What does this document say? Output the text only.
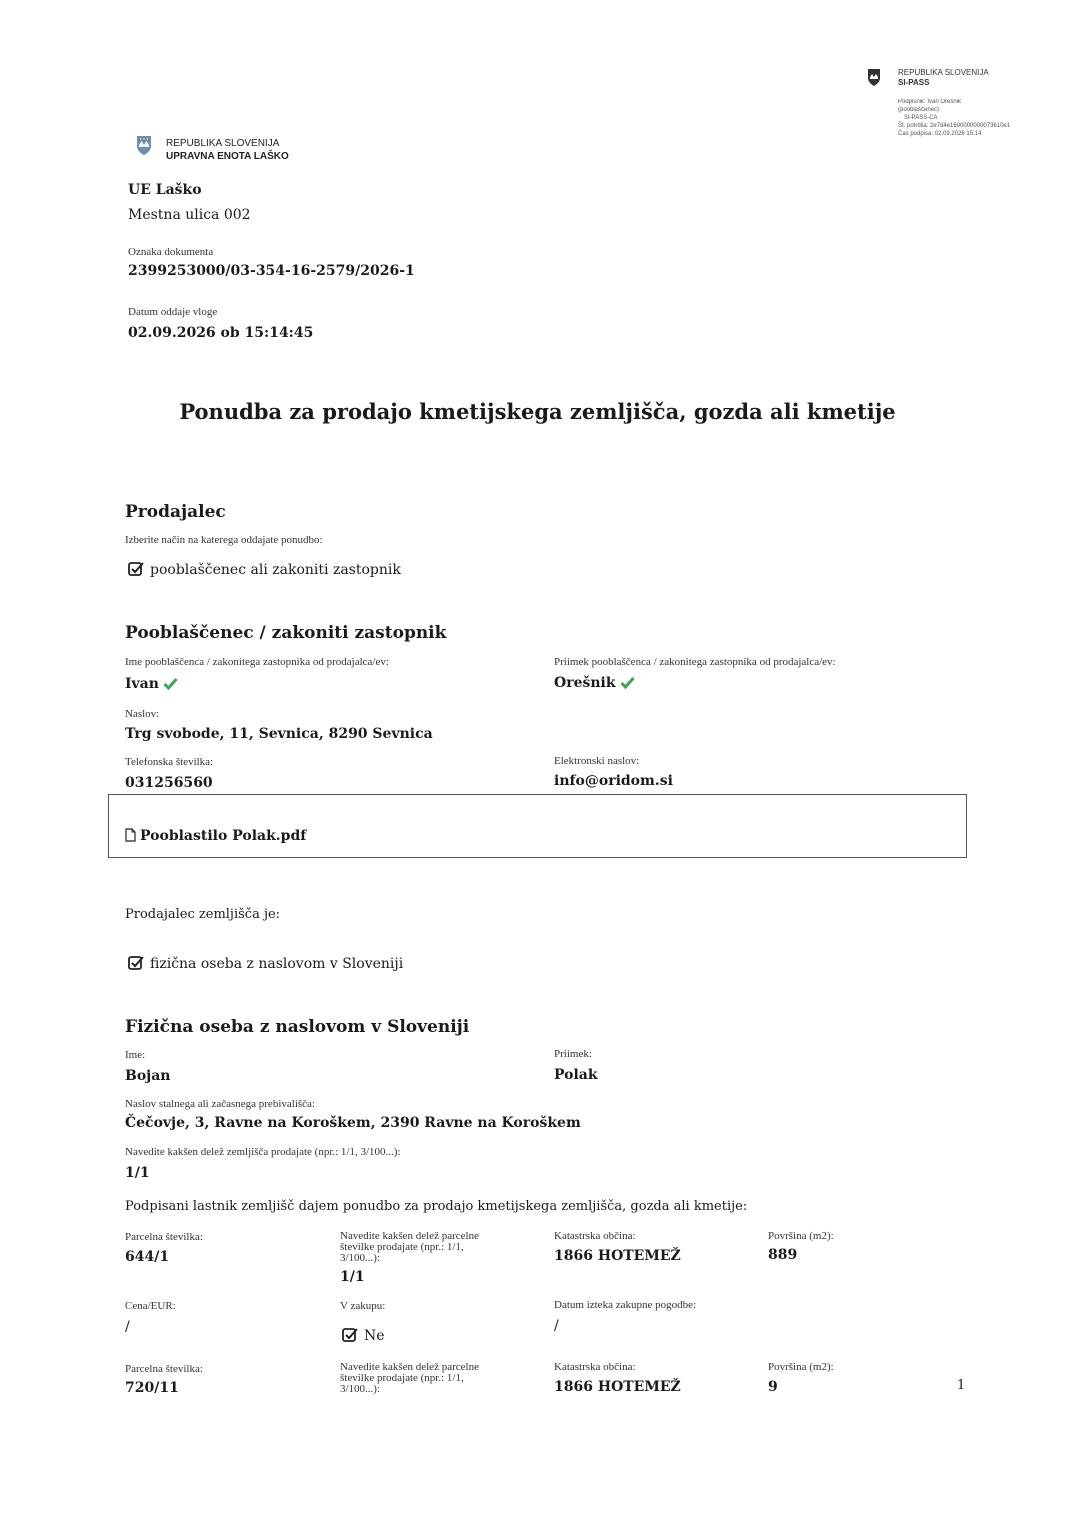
REPUBLIKA SLOVENIJA
SI-PASS
Podpisnik: Ivan Orešnik
(pooblaščenec)
SI-PASS-CA
Št. potrdila: 2e7d4e1600000000073610e1
Čas podpisa: 02.09.2026 15:14
REPUBLIKA SLOVENIJA
UPRAVNA ENOTA LAŠKO
UE Laško
Mestna ulica 002
Oznaka dokumenta
2399253000/03-354-16-2579/2026-1
Datum oddaje vloge
02.09.2026 ob 15:14:45
Ponudba za prodajo kmetijskega zemljišča, gozda ali kmetije
Prodajalec
Izberite način na katerega oddajate ponudbo:
pooblaščenec ali zakoniti zastopnik
Pooblaščenec / zakoniti zastopnik
Ime pooblaščenca / zakonitega zastopnika od prodajalca/ev:
Ivan
Priimek pooblaščenca / zakonitega zastopnika od prodajalca/ev:
Orešnik
Naslov:
Trg svobode, 11, Sevnica, 8290 Sevnica
Telefonska številka:
031256560
Elektronski naslov:
info@oridom.si
Pooblastilo Polak.pdf
Prodajalec zemljišča je:
fizična oseba z naslovom v Sloveniji
Fizična oseba z naslovom v Sloveniji
Ime:
Bojan
Priimek:
Polak
Naslov stalnega ali začasnega prebivališča:
Čečovje, 3, Ravne na Koroškem, 2390 Ravne na Koroškem
Navedite kakšen delež zemljišča prodajate (npr.: 1/1, 3/100...):
1/1
Podpisani lastnik zemljišč dajem ponudbo za prodajo kmetijskega zemljišča, gozda ali kmetije:
Parcelna številka:
644/1
Navedite kakšen delež parcelne
številke prodajate (npr.: 1/1,
3/100...):
1/1
Katastrska občina:
1866 HOTEMEŽ
Površina (m2):
889
Cena/EUR:
/
V zakupu:
Ne
Datum izteka zakupne pogodbe:
/
Parcelna številka:
720/11
Navedite kakšen delež parcelne
številke prodajate (npr.: 1/1,
3/100...):
Katastrska občina:
1866 HOTEMEŽ
Površina (m2):
9	1
